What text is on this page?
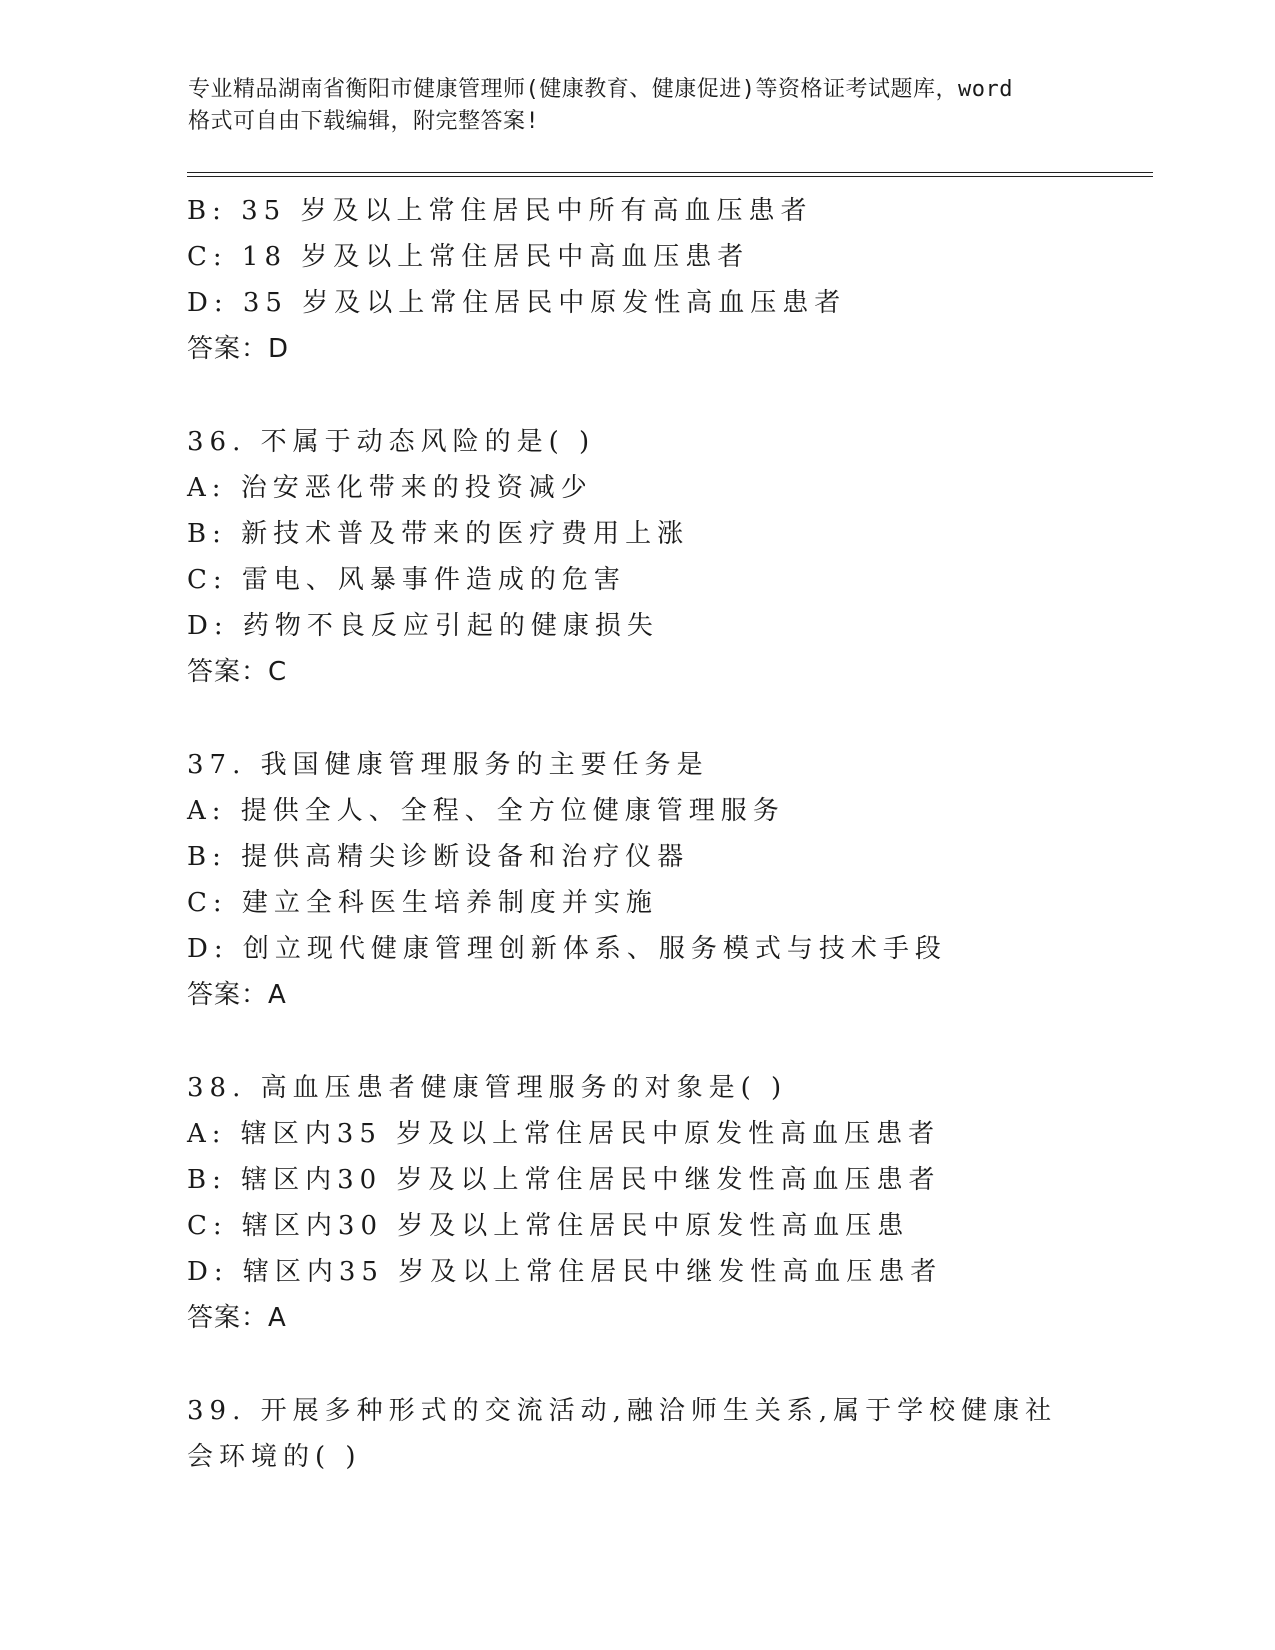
专业精品湖南省衡阳市健康管理师(健康教育、健康促进)等资格证考试题库，word
格式可自由下载编辑，附完整答案!
B: 35 岁及以上常住居民中所有高血压患者
C: 18 岁及以上常住居民中高血压患者
D: 35 岁及以上常住居民中原发性高血压患者
答案：D
36. 不属于动态风险的是( )
A: 治安恶化带来的投资减少
B: 新技术普及带来的医疗费用上涨
C: 雷电、风暴事件造成的危害
D: 药物不良反应引起的健康损失
答案：C
37. 我国健康管理服务的主要任务是
A: 提供全人、全程、全方位健康管理服务
B: 提供高精尖诊断设备和治疗仪器
C: 建立全科医生培养制度并实施
D: 创立现代健康管理创新体系、服务模式与技术手段
答案：A
38. 高血压患者健康管理服务的对象是( )
A: 辖区内35 岁及以上常住居民中原发性高血压患者
B: 辖区内30 岁及以上常住居民中继发性高血压患者
C: 辖区内30 岁及以上常住居民中原发性高血压患
D: 辖区内35 岁及以上常住居民中继发性高血压患者
答案：A
39. 开展多种形式的交流活动,融洽师生关系,属于学校健康社会环境的( )
